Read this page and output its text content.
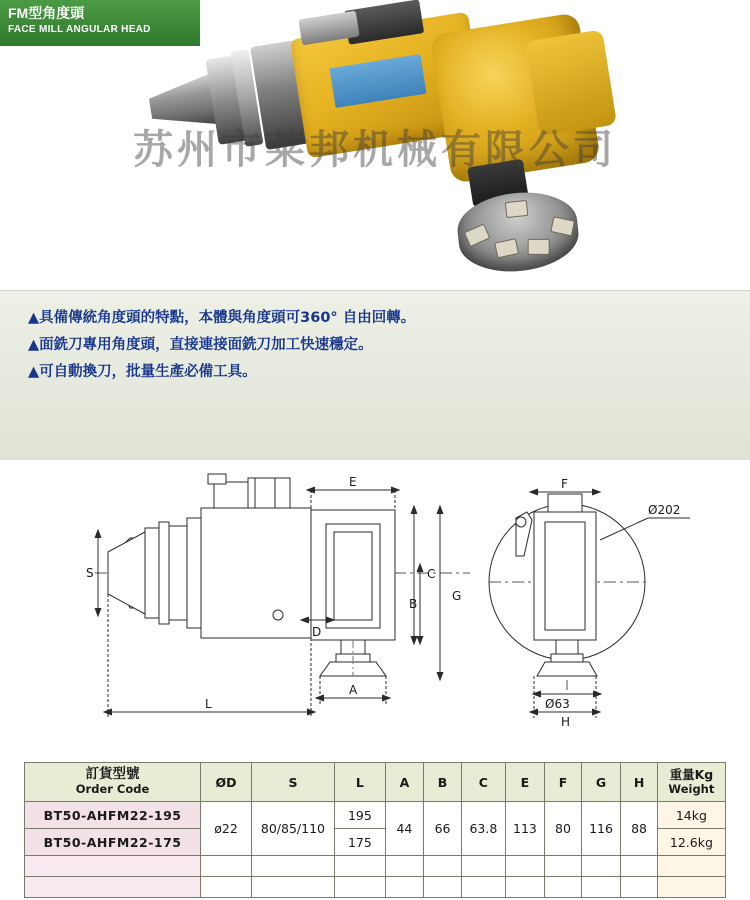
苏州市莱邦机械有限公司
FM型角度頭
FACE MILL ANGULAR HEAD
▲具備傳統角度頭的特點，本體與角度頭可360° 自由回轉。
▲面銑刀專用角度頭，直接連接面銑刀加工快速穩定。
▲可自動換刀，批量生產必備工具。
S
E
C
B
G
D
A
L
F
H
Ø202
Ø63
訂貨型號
Order Code	ØD	S	L	A	B	C	E	F	G	H	重量Kg
Weight

BT50-AHFM22-195	ø22	80/85/110	195	44	66	63.8	113	80	116	88	14kg
BT50-AHFM22-175			175								12.6kg
